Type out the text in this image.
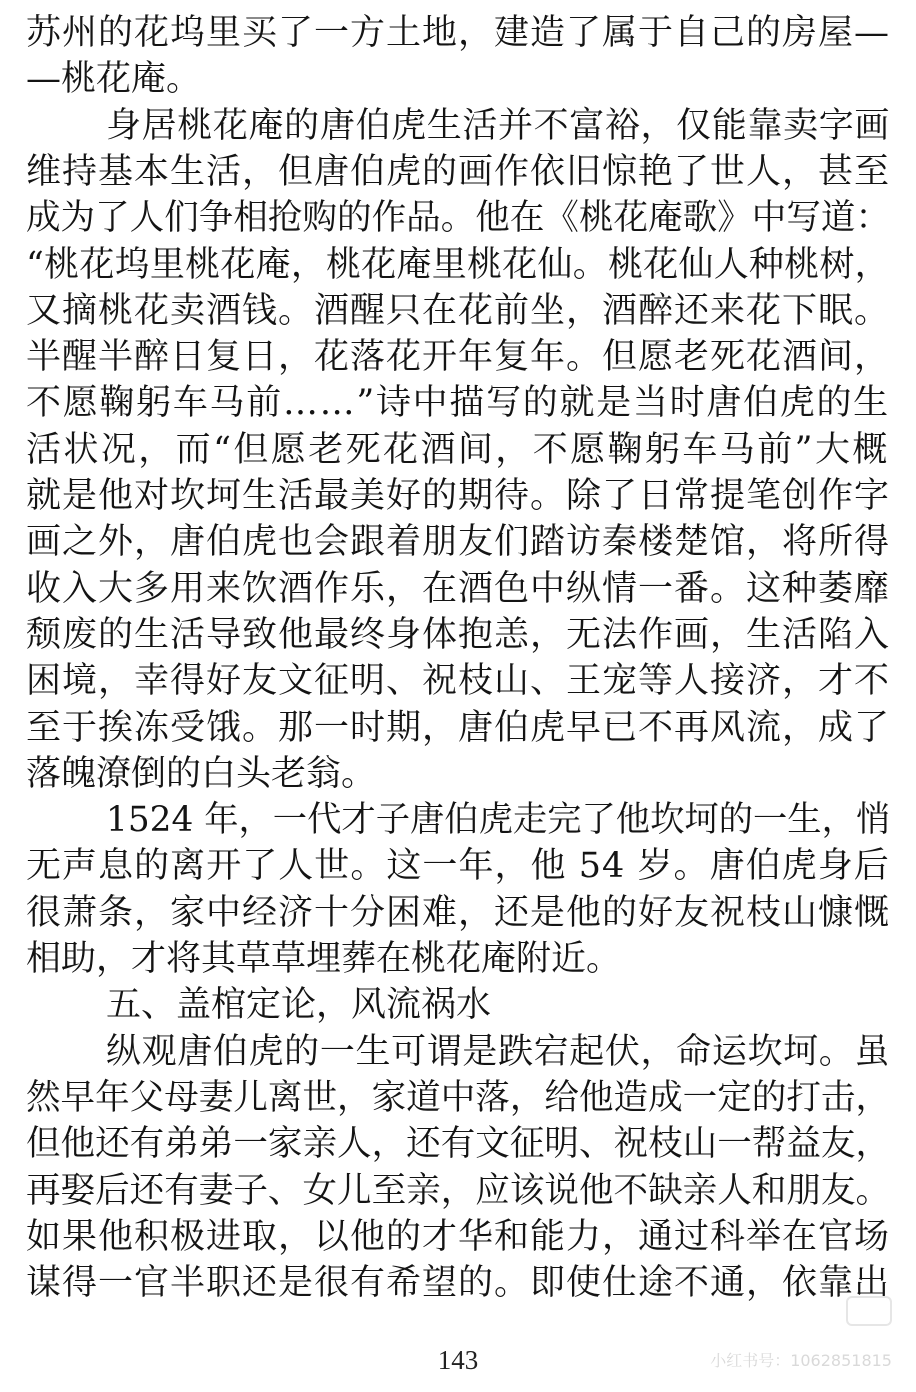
苏州的花坞里买了一方土地，建造了属于自己的房屋—
—桃花庵。
身居桃花庵的唐伯虎生活并不富裕，仅能靠卖字画
维持基本生活，但唐伯虎的画作依旧惊艳了世人，甚至
成为了人们争相抢购的作品。他在《桃花庵歌》中写道：
“桃花坞里桃花庵，桃花庵里桃花仙。桃花仙人种桃树，
又摘桃花卖酒钱。酒醒只在花前坐，酒醉还来花下眠。
半醒半醉日复日，花落花开年复年。但愿老死花酒间，
不愿鞠躬车马前……”诗中描写的就是当时唐伯虎的生
活状况，而“但愿老死花酒间，不愿鞠躬车马前”大概
就是他对坎坷生活最美好的期待。除了日常提笔创作字
画之外，唐伯虎也会跟着朋友们踏访秦楼楚馆，将所得
收入大多用来饮酒作乐，在酒色中纵情一番。这种萎靡
颓废的生活导致他最终身体抱恙，无法作画，生活陷入
困境，幸得好友文征明、祝枝山、王宠等人接济，才不
至于挨冻受饿。那一时期，唐伯虎早已不再风流，成了
落魄潦倒的白头老翁。
1524 年，一代才子唐伯虎走完了他坎坷的一生，悄
无声息的离开了人世。这一年，他 54 岁。唐伯虎身后
很萧条，家中经济十分困难，还是他的好友祝枝山慷慨
相助，才将其草草埋葬在桃花庵附近。
五、盖棺定论，风流祸水
纵观唐伯虎的一生可谓是跌宕起伏，命运坎坷。虽
然早年父母妻儿离世，家道中落，给他造成一定的打击，
但他还有弟弟一家亲人，还有文征明、祝枝山一帮益友，
再娶后还有妻子、女儿至亲，应该说他不缺亲人和朋友。
如果他积极进取，以他的才华和能力，通过科举在官场
谋得一官半职还是很有希望的。即使仕途不通，依靠出
143	小红书号：1062851815
